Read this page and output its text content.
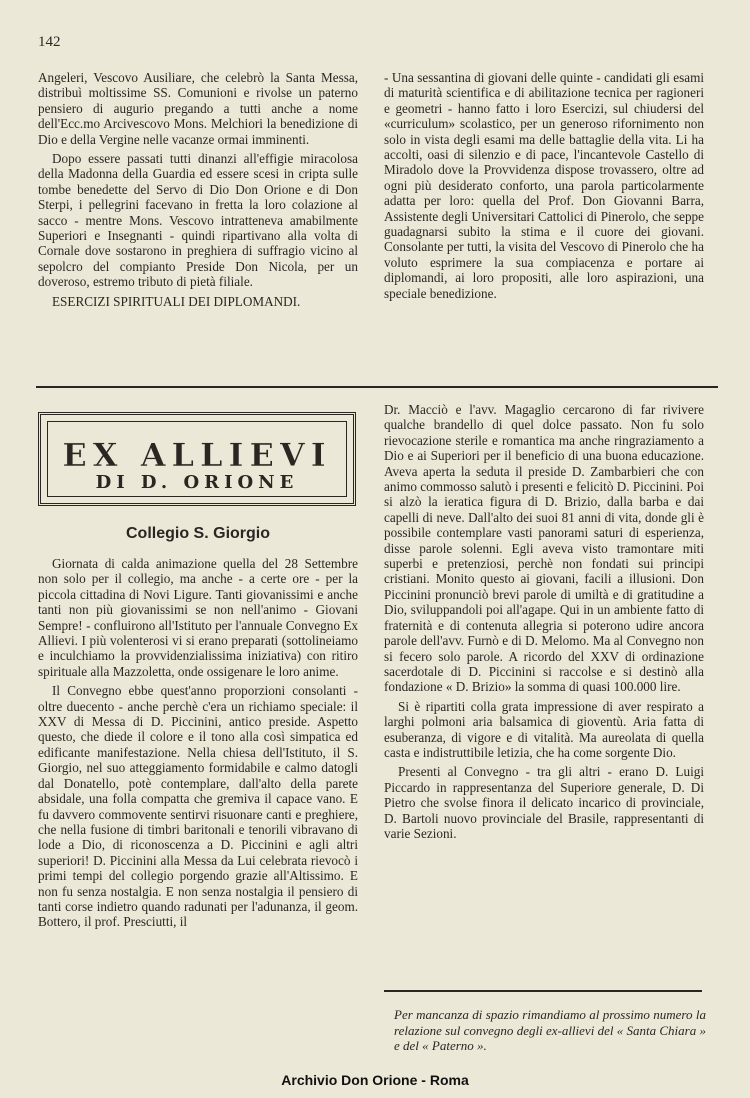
142

Angeleri, Vescovo Ausiliare, che celebrò la Santa Messa, distribuì moltissime SS. Comunioni e rivolse un paterno pensiero di augurio pregando a tutti anche a nome dell'Ecc.mo Arcivescovo Mons. Melchiori la benedizione di Dio e della Vergine nelle vacanze ormai imminenti.

Dopo essere passati tutti dinanzi all'effigie miracolosa della Madonna della Guardia ed essere scesi in cripta sulle tombe benedette del Servo di Dio Don Orione e di Don Sterpi, i pellegrini facevano in fretta la loro colazione al sacco - mentre Mons. Vescovo intratteneva amabilmente Superiori e Insegnanti - quindi ripartivano alla volta di Cornale dove sostarono in preghiera di suffragio vicino al sepolcro del compianto Preside Don Nicola, per un doveroso, estremo tributo di pietà filiale.

ESERCIZI SPIRITUALI DEI DIPLOMANDI.

- Una sessantina di giovani delle quinte - candidati gli esami di maturità scientifica e di abilitazione tecnica per ragioneri e geometri - hanno fatto i loro Esercizi, sul chiudersi del «curriculum» scolastico, per un generoso rifornimento non solo in vista degli esami ma delle battaglie della vita. Li ha accolti, oasi di silenzio e di pace, l'incantevole Castello di Miradolo dove la Provvidenza dispose trovassero, oltre ad ogni più desiderato conforto, una parola particolarmente adatta per loro: quella del Prof. Don Giovanni Barra, Assistente degli Universitari Cattolici di Pinerolo, che seppe guadagnarsi subito la stima e il cuore dei giovani. Consolante per tutti, la visita del Vescovo di Pinerolo che ha voluto esprimere la sua compiacenza e portare ai diplomandi, ai loro propositi, alle loro aspirazioni, una speciale benedizione.

EX ALLIEVI
DI D. ORIONE
Collegio S. Giorgio

Giornata di calda animazione quella del 28 Settembre non solo per il collegio, ma anche - a certe ore - per la piccola cittadina di Novi Ligure. Tanti giovanissimi e anche tanti non più giovanissimi se non nell'animo - Giovani Sempre! - confluirono all'Istituto per l'annuale Convegno Ex Allievi. I più volenterosi vi si erano preparati (sottolineiamo e inculchiamo la provvidenzialissima iniziativa) con ritiro spirituale alla Mazzoletta, onde ossigenare le loro anime.

Il Convegno ebbe quest'anno proporzioni consolanti - oltre duecento - anche perchè c'era un richiamo speciale: il XXV di Messa di D. Piccinini, antico preside. Aspetto questo, che diede il colore e il tono alla così simpatica ed edificante manifestazione. Nella chiesa dell'Istituto, il S. Giorgio, nel suo atteggiamento formidabile e calmo datogli dal Donatello, potè contemplare, dall'alto della parete absidale, una folla compatta che gremiva il capace vano. E fu davvero commovente sentirvi risuonare canti e preghiere, che nella fusione di timbri baritonali e tenorili vibravano di lode a Dio, di riconoscenza a D. Piccinini e agli altri superiori! D. Piccinini alla Messa da Lui celebrata rievocò i primi tempi del collegio porgendo grazie all'Altissimo. E non fu senza nostalgia. E non senza nostalgia il pensiero di tanti corse indietro quando radunati per l'adunanza, il geom. Bottero, il prof. Presciutti, il

Dr. Macciò e l'avv. Magaglio cercarono di far rivivere qualche brandello di quel dolce passato. Non fu solo rievocazione sterile e romantica ma anche ringraziamento a Dio e ai Superiori per il beneficio di una buona educazione. Aveva aperta la seduta il preside D. Zambarbieri che con animo commosso salutò i presenti e felicitò D. Piccinini. Poi si alzò la ieratica figura di D. Brizio, dalla barba e dai capelli di neve. Dall'alto dei suoi 81 anni di vita, donde gli è possibile contemplare vasti panorami saturi di esperienza, disse parole solenni. Egli aveva visto tramontare miti superbi e pretenziosi, perchè non fondati sui principi cristiani. Monito questo ai giovani, facili a illusioni. Don Piccinini pronunciò brevi parole di umiltà e di gratitudine a Dio, sviluppandoli poi all'agape. Qui in un ambiente fatto di fraternità e di contenuta allegria si poterono udire ancora parole dell'avv. Furnò e di D. Melomo. Ma al Convegno non si fecero solo parole. A ricordo del XXV di ordinazione sacerdotale di D. Piccinini si raccolse e si destinò alla fondazione « D. Brizio» la somma di quasi 100.000 lire.

Si è ripartiti colla grata impressione di aver respirato a larghi polmoni aria balsamica di gioventù. Aria fatta di esuberanza, di vigore e di vitalità. Ma aureolata di quella casta e indistruttibile letizia, che ha come sorgente Dio.

Presenti al Convegno - tra gli altri - erano D. Luigi Piccardo in rappresentanza del Superiore generale, D. Di Pietro che svolse finora il delicato incarico di provinciale, D. Bartoli nuovo provinciale del Brasile, rappresentanti di varie Sezioni.

Per mancanza di spazio rimandiamo al prossimo numero la relazione sul convegno degli ex-allievi del « Santa Chiara » e del « Paterno ».
Archivio Don Orione - Roma
